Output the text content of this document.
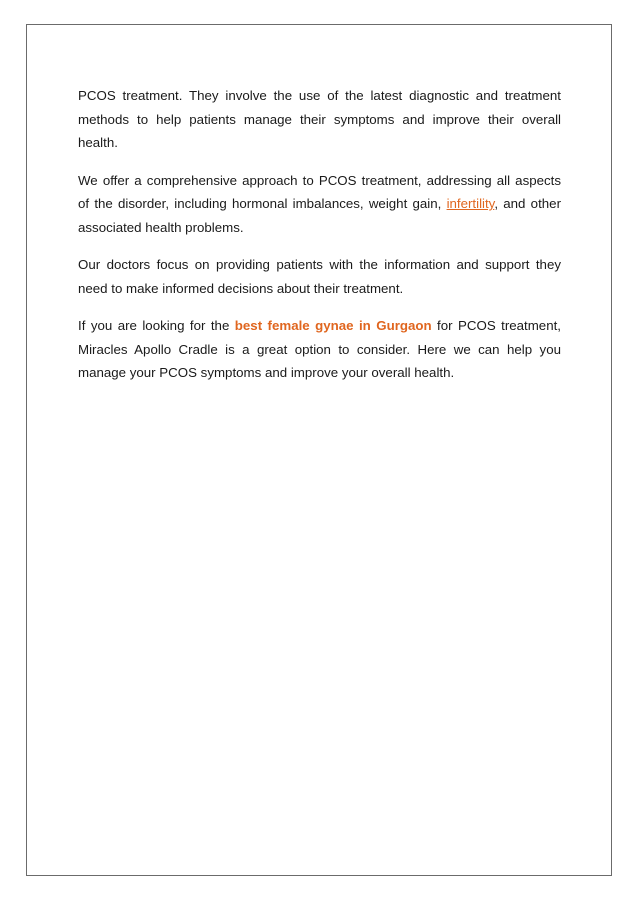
PCOS treatment. They involve the use of the latest diagnostic and treatment methods to help patients manage their symptoms and improve their overall health.

We offer a comprehensive approach to PCOS treatment, addressing all aspects of the disorder, including hormonal imbalances, weight gain, infertility, and other associated health problems.

Our doctors focus on providing patients with the information and support they need to make informed decisions about their treatment.

If you are looking for the best female gynae in Gurgaon for PCOS treatment, Miracles Apollo Cradle is a great option to consider. Here we can help you manage your PCOS symptoms and improve your overall health.
